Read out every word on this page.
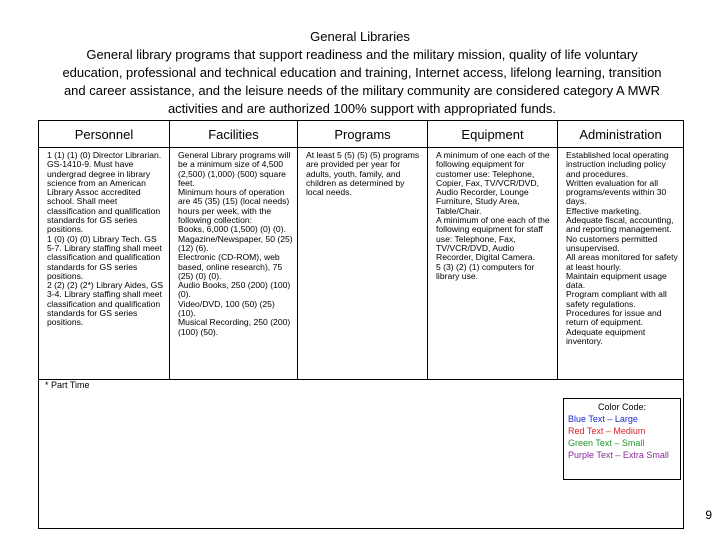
General Libraries
General library programs that support readiness and the military mission, quality of life voluntary education, professional and technical education and training, Internet access, lifelong learning, transition and career assistance, and the leisure needs of the military community are considered category A MWR activities and are authorized 100% support with appropriated funds.
Personnel
1 (1) (1) (0) Director Librarian. GS-1410-9. Must have undergrad degree in library science from an American Library Assoc accredited school. Shall meet classification and qualification standards for GS series positions.
1 (0) (0) (0) Library Tech. GS 5-7. Library staffing shall meet classification and qualification standards for GS series positions.
2 (2) (2) (2*) Library Aides, GS 3-4. Library staffing shall meet classification and qualification standards for GS series positions.
Facilities
General Library programs will be a minimum size of 4,500 (2,500) (1,000) (500) square feet.
Minimum hours of operation are 45 (35) (15) (local needs) hours per week, with the following collection:
Books, 6,000 (1,500) (0) (0).
Magazine/Newspaper, 50 (25) (12) (6).
Electronic (CD-ROM), web based, online research), 75 (25) (0) (0).
Audio Books, 250 (200) (100) (0).
Video/DVD, 100 (50) (25) (10).
Musical Recording, 250 (200) (100) (50).
Programs
At least 5 (5) (5) (5) programs are provided per year for adults, youth, family, and children as determined by local needs.
Equipment
A minimum of one each of the following equipment for customer use: Telephone, Copier, Fax, TV/VCR/DVD, Audio Recorder, Lounge Furniture, Study Area, Table/Chair.
A minimum of one each of the following equipment for staff use: Telephone, Fax, TV/VCR/DVD, Audio Recorder, Digital Camera.
5 (3) (2) (1) computers for library use.
Administration
Established local operating instruction including policy and procedures.
Written evaluation for all programs/events within 30 days.
Effective marketing.
Adequate fiscal, accounting, and reporting management.
No customers permitted unsupervised.
All areas monitored for safety at least hourly.
Maintain equipment usage data.
Program compliant with all safety regulations.
Procedures for issue and return of equipment.
Adequate equipment inventory.
* Part Time
Color Code:
Blue Text – Large
Red Text – Medium
Green Text – Small
Purple Text – Extra Small
9
